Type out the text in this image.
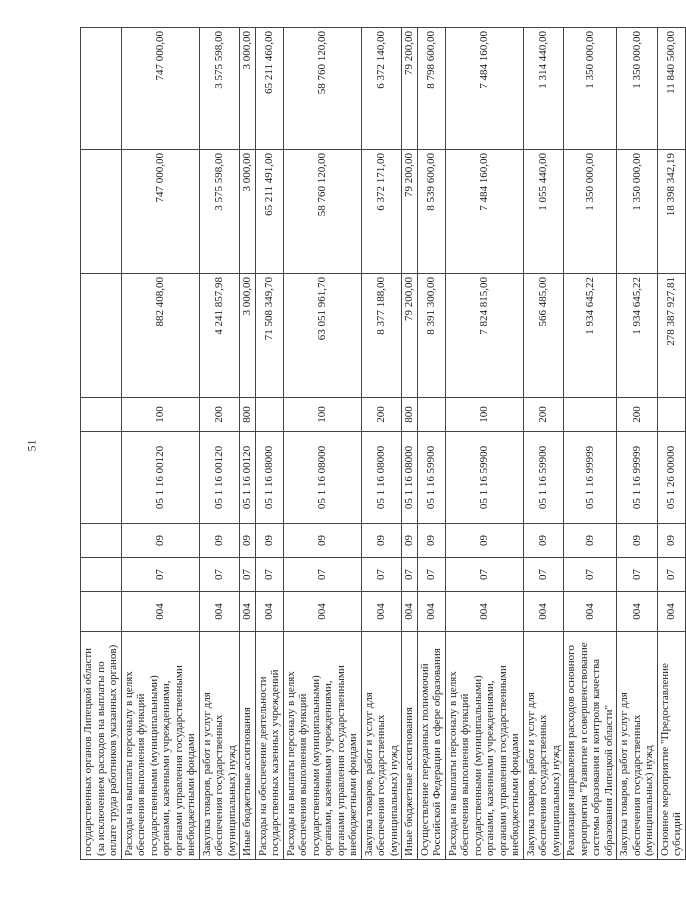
51
государственных органов Липецкой области (за исключением расходов на выплаты по оплате труда работников указанных органов)								
Расходы на выплаты персоналу в целях обеспечения выполнения функций государственными (муниципальными) органами, казенными учреждениями, органами управления государственными внебюджетными фондами	004	07	09	05 1 16 00120	100	882 408,00	747 000,00	747 000,00
Закупка товаров, работ и услуг для обеспечения государственных (муниципальных) нужд	004	07	09	05 1 16 00120	200	4 241 857,98	3 575 598,00	3 575 598,00
Иные бюджетные ассигнования	004	07	09	05 1 16 00120	800	3 000,00	3 000,00	3 000,00
Расходы на обеспечение деятельности государственных казенных учреждений	004	07	09	05 1 16 08000		71 508 349,70	65 211 491,00	65 211 460,00
Расходы на выплаты персоналу в целях обеспечения выполнения функций государственными (муниципальными) органами, казенными учреждениями, органами управления государственными внебюджетными фондами	004	07	09	05 1 16 08000	100	63 051 961,70	58 760 120,00	58 760 120,00
Закупка товаров, работ и услуг для обеспечения государственных (муниципальных) нужд	004	07	09	05 1 16 08000	200	8 377 188,00	6 372 171,00	6 372 140,00
Иные бюджетные ассигнования	004	07	09	05 1 16 08000	800	79 200,00	79 200,00	79 200,00
Осуществление переданных полномочий Российской Федерации в сфере образования	004	07	09	05 1 16 59900		8 391 300,00	8 539 600,00	8 798 600,00
Расходы на выплаты персоналу в целях обеспечения выполнения функций государственными (муниципальными) органами, казенными учреждениями, органами управления государственными внебюджетными фондами	004	07	09	05 1 16 59900	100	7 824 815,00	7 484 160,00	7 484 160,00
Закупка товаров, работ и услуг для обеспечения государственных (муниципальных) нужд	004	07	09	05 1 16 59900	200	566 485,00	1 055 440,00	1 314 440,00
Реализация направления расходов основного мероприятия "Развитие и совершенствование системы образования и контроля качества образования Липецкой области"	004	07	09	05 1 16 99999		1 934 645,22	1 350 000,00	1 350 000,00
Закупка товаров, работ и услуг для обеспечения государственных (муниципальных) нужд	004	07	09	05 1 16 99999	200	1 934 645,22	1 350 000,00	1 350 000,00
Основное мероприятие "Предоставление субсидий	004	07	09	05 1 26 00000		278 387 927,81	18 398 342,19	11 840 500,00
